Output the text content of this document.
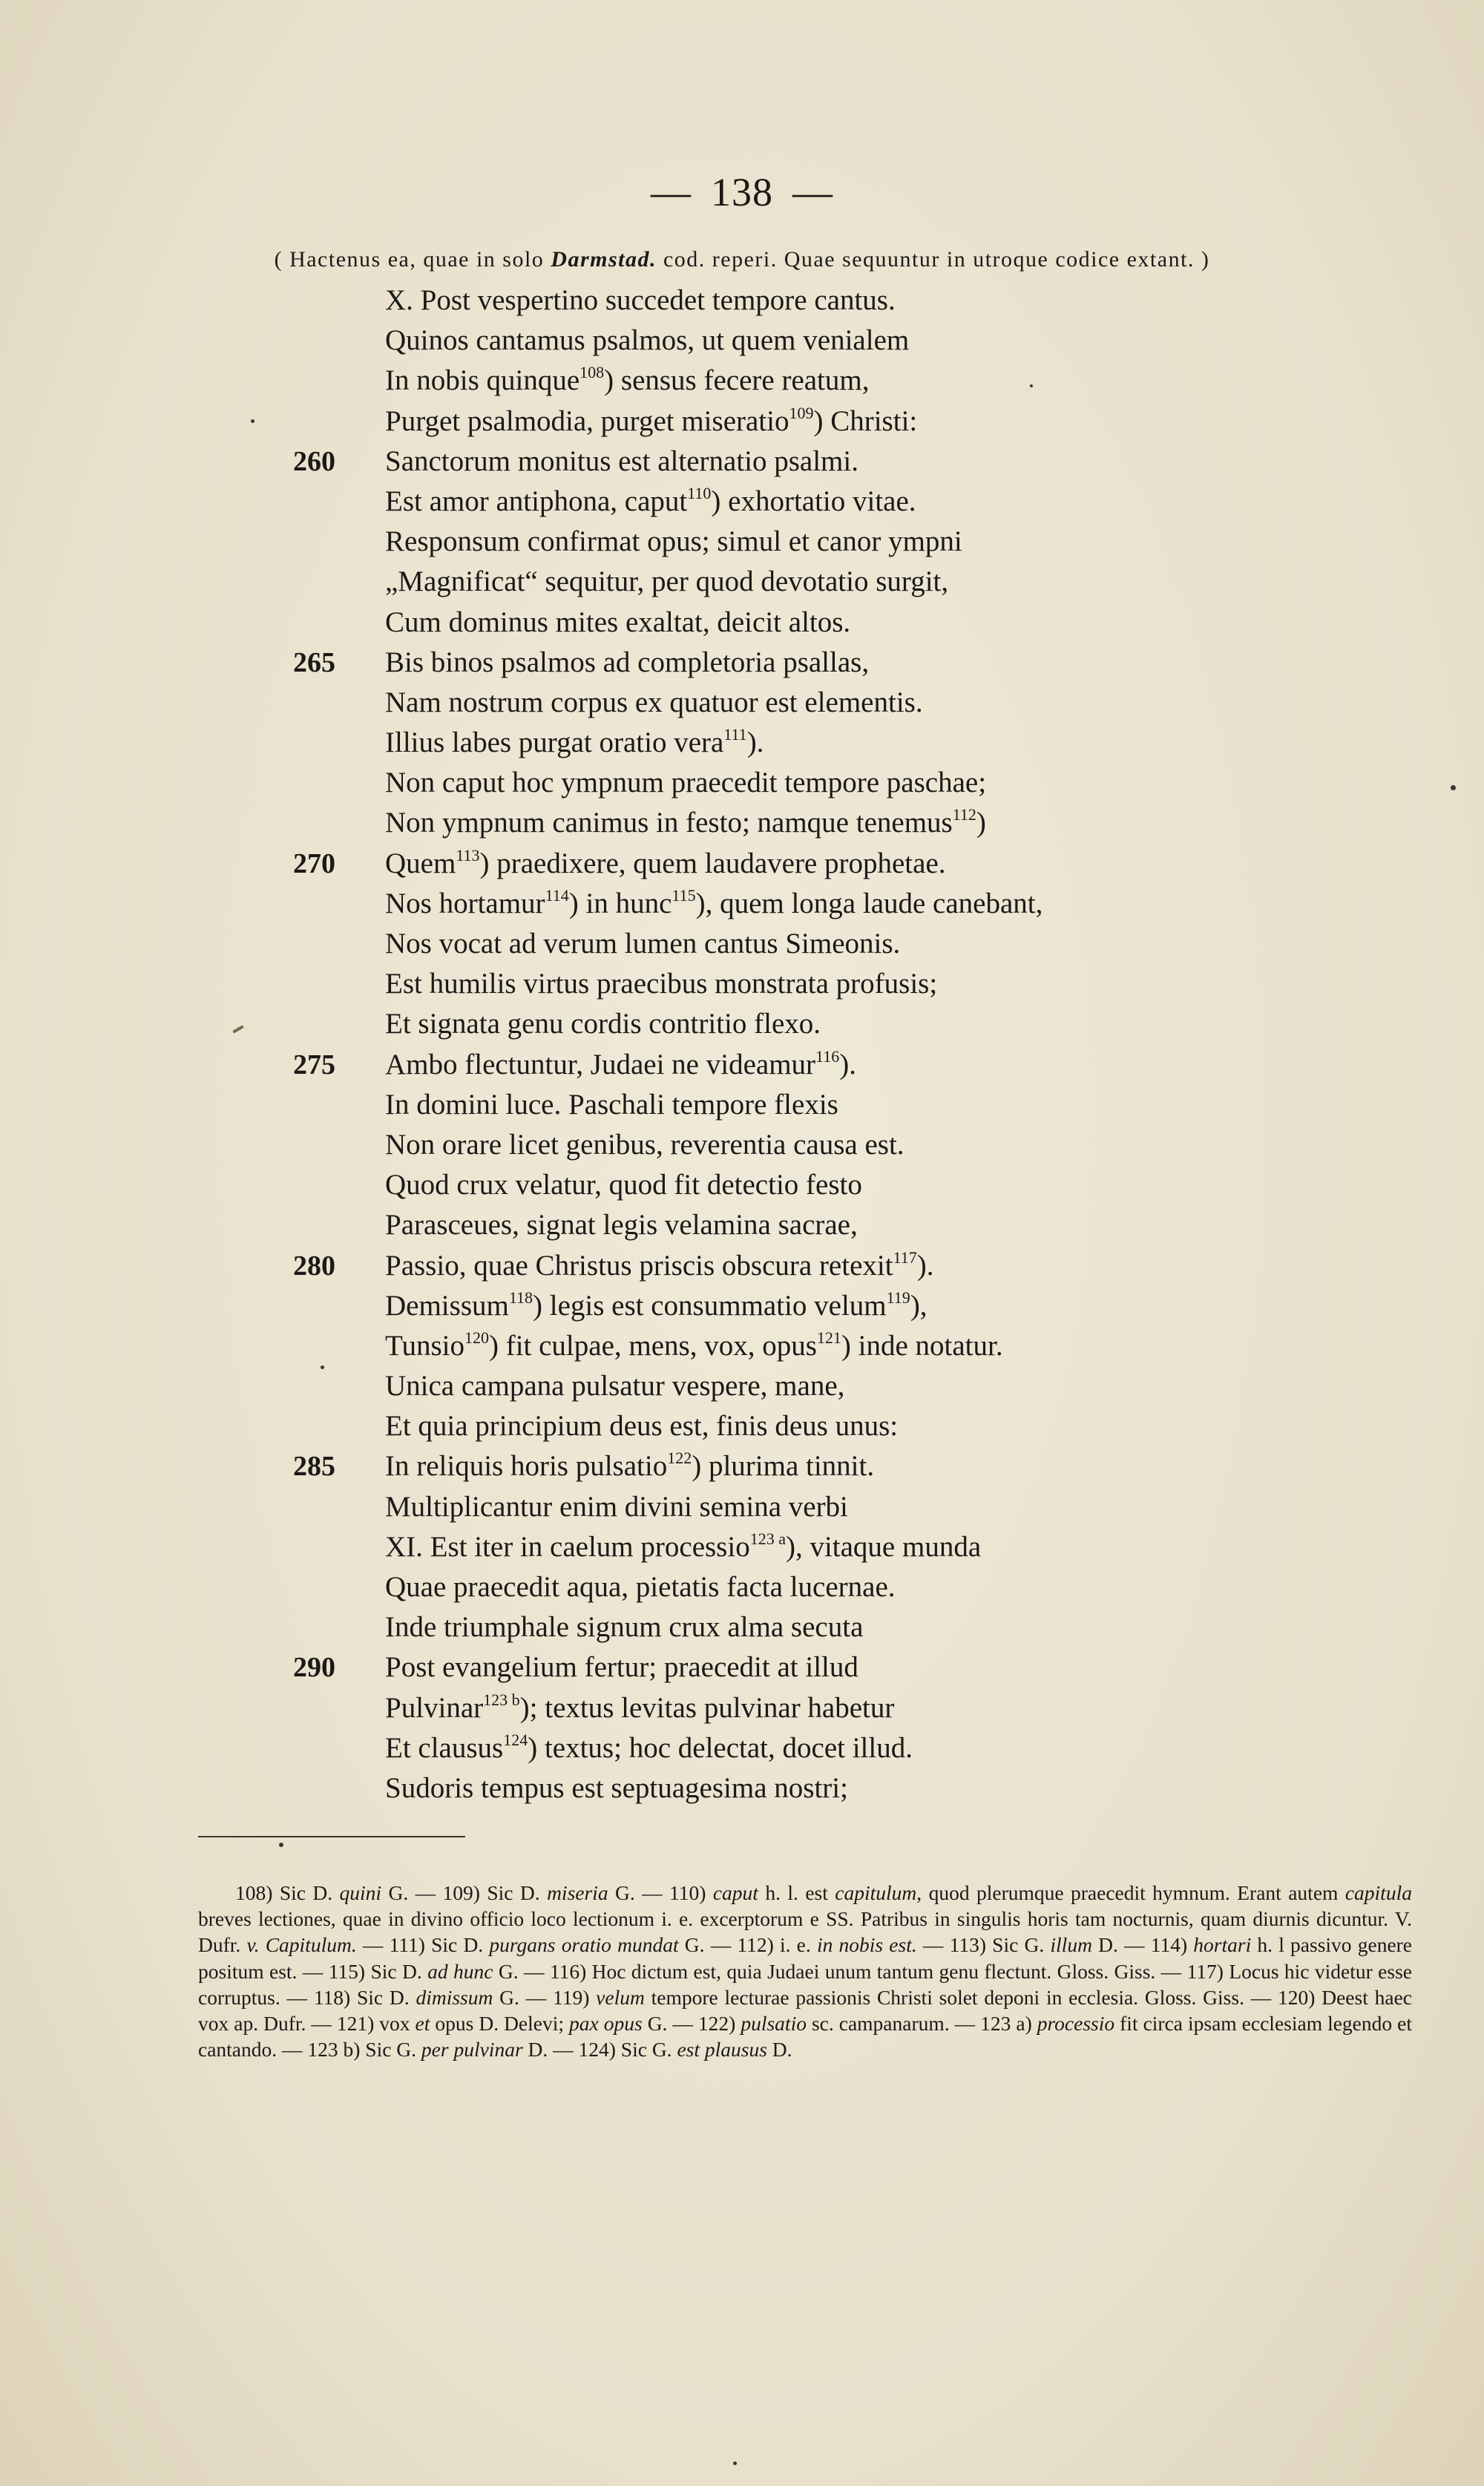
— 138 —
( Hactenus ea, quae in solo Darmstad. cod. reperi. Quae sequuntur in utroque codice extant. )
X. Post vespertino succedet tempore cantus.
Quinos cantamus psalmos, ut quem venialem
In nobis quinque$^{108}$) sensus fecere reatum,
Purget psalmodia, purget miseratio$^{109}$) Christi:
260	Sanctorum monitus est alternatio psalmi.
Est amor antiphona, caput$^{110}$) exhortatio vitae.
Responsum confirmat opus; simul et canor ympni
„Magnificat“ sequitur, per quod devotatio surgit,
Cum dominus mites exaltat, deicit altos.
265	Bis binos psalmos ad completoria psallas,
Nam nostrum corpus ex quatuor est elementis.
Illius labes purgat oratio vera$^{111}$).
Non caput hoc ympnum praecedit tempore paschae;
Non ympnum canimus in festo; namque tenemus$^{112}$)
270	Quem$^{113}$) praedixere, quem laudavere prophetae.
Nos hortamur$^{114}$) in hunc$^{115}$), quem longa laude canebant,
Nos vocat ad verum lumen cantus Simeonis.
Est humilis virtus praecibus monstrata profusis;
Et signata genu cordis contritio flexo.
275	Ambo flectuntur, Judaei ne videamur$^{116}$).
In domini luce. Paschali tempore flexis
Non orare licet genibus, reverentia causa est.
Quod crux velatur, quod fit detectio festo
Parasceues, signat legis velamina sacrae,
280	Passio, quae Christus priscis obscura retexit$^{117}$).
Demissum$^{118}$) legis est consummatio velum$^{119}$),
Tunsio$^{120}$) fit culpae, mens, vox, opus$^{121}$) inde notatur.
Unica campana pulsatur vespere, mane,
Et quia principium deus est, finis deus unus:
285	In reliquis horis pulsatio$^{122}$) plurima tinnit.
Multiplicantur enim divini semina verbi
XI. Est iter in caelum processio$^{123 a}$), vitaque munda
Quae praecedit aqua, pietatis facta lucernae.
Inde triumphale signum crux alma secuta
290	Post evangelium fertur; praecedit at illud
Pulvinar$^{123 b}$); textus levitas pulvinar habetur
Et clausus$^{124}$) textus; hoc delectat, docet illud.
Sudoris tempus est septuagesima nostri;

108) Sic D. quini G. — 109) Sic D. miseria G. — 110) caput h. l. est capitulum, quod plerumque praecedit hymnum. Erant autem capitula breves lectiones, quae in divino officio loco lectionum i. e. excerptorum e SS. Patribus in singulis horis tam nocturnis, quam diurnis dicuntur. V. Dufr. v. Capitulum. — 111) Sic D. purgans oratio mundat G. — 112) i. e. in nobis est. — 113) Sic G. illum D. — 114) hortari h. l passivo genere positum est. — 115) Sic D. ad hunc G. — 116) Hoc dictum est, quia Judaei unum tantum genu flectunt. Gloss. Giss. — 117) Locus hic videtur esse corruptus. — 118) Sic D. dimissum G. — 119) velum tempore lecturae passionis Christi solet deponi in ecclesia. Gloss. Giss. — 120) Deest haec vox ap. Dufr. — 121) vox et opus D. Delevi; pax opus G. — 122) pulsatio sc. campanarum. — 123 a) processio fit circa ipsam ecclesiam legendo et cantando. — 123 b) Sic G. per pulvinar D. — 124) Sic G. est plausus D.
